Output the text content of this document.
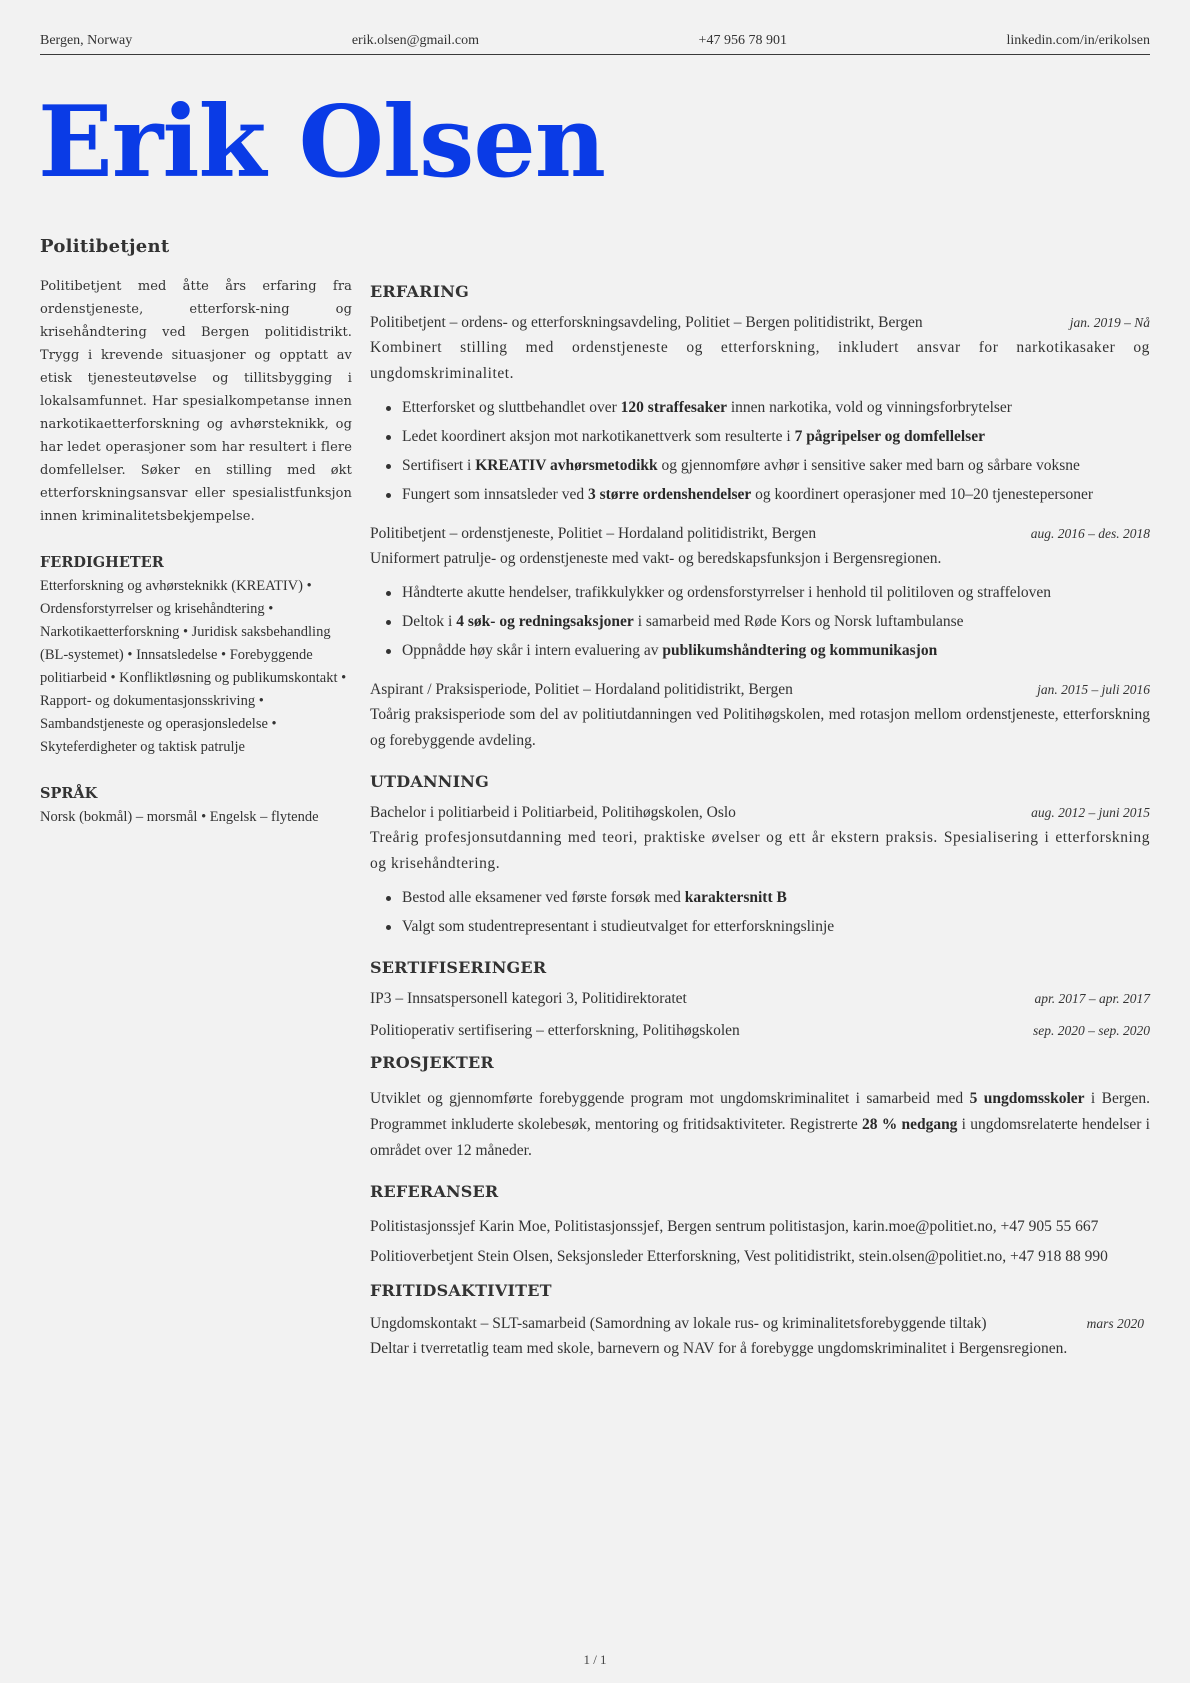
Bergen, Norway	erik.olsen@gmail.com	+47 956 78 901	linkedin.com/in/erikolsen
Erik Olsen
Politibetjent
Politibetjent med åtte års erfaring fra ordenstjeneste, etterforsk-ning og krisehåndtering ved Bergen politidistrikt. Trygg i krevende situasjoner og opptatt av etisk tjenesteutøvelse og tillitsbygging i lokalsamfunnet. Har spesialkompetanse innen narkotikaetterforskning og avhørsteknikk, og har ledet operasjoner som har resultert i flere domfellelser. Søker en stilling med økt etterforskningsansvar eller spesialistfunksjon innen kriminalitetsbekjempelse.
FERDIGHETER
Etterforskning og avhørsteknikk (KREATIV) • Ordensforstyrrelser og krisehåndtering • Narkotikaetterforskning • Juridisk saksbehandling (BL-systemet) • Innsatsledelse • Forebyggende politiarbeid • Konfliktløsning og publikumskontakt • Rapport- og dokumentasjonsskriving • Sambandstjeneste og operasjonsledelse • Skyteferdigheter og taktisk patrulje
SPRÅK
Norsk (bokmål) – morsmål • Engelsk – flytende
ERFARING
Politibetjent – ordens- og etterforskningsavdeling, Politiet – Bergen politidistrikt, Bergen	jan. 2019 – Nå
Kombinert stilling med ordenstjeneste og etterforskning, inkludert ansvar for narkotikasaker og ungdomskriminalitet.
Etterforsket og sluttbehandlet over 120 straffesaker innen narkotika, vold og vinningsforbrytelser
Ledet koordinert aksjon mot narkotikanettverk som resulterte i 7 pågripelser og domfellelser
Sertifisert i KREATIV avhørsmetodikk og gjennomføre avhør i sensitive saker med barn og sårbare voksne
Fungert som innsatsleder ved 3 større ordenshendelser og koordinert operasjoner med 10–20 tjenestepersoner
Politibetjent – ordenstjeneste, Politiet – Hordaland politidistrikt, Bergen	aug. 2016 – des. 2018
Uniformert patrulje- og ordenstjeneste med vakt- og beredskapsfunksjon i Bergensregionen.
Håndterte akutte hendelser, trafikkulykker og ordensforstyrrelser i henhold til politiloven og straffeloven
Deltok i 4 søk- og redningsaksjoner i samarbeid med Røde Kors og Norsk luftambulanse
Oppnådde høy skår i intern evaluering av publikumshåndtering og kommunikasjon
Aspirant / Praksisperiode, Politiet – Hordaland politidistrikt, Bergen	jan. 2015 – juli 2016
Toårig praksisperiode som del av politiutdanningen ved Politihøgskolen, med rotasjon mellom ordenstjeneste, etterforskning og forebyggende avdeling.
UTDANNING
Bachelor i politiarbeid i Politiarbeid, Politihøgskolen, Oslo	aug. 2012 – juni 2015
Treårig profesjonsutdanning med teori, praktiske øvelser og ett år ekstern praksis. Spesialisering i etterforskning og krisehåndtering.
Bestod alle eksamener ved første forsøk med karaktersnitt B
Valgt som studentrepresentant i studieutvalget for etterforskningslinje
SERTIFISERINGER
IP3 – Innsatspersonell kategori 3, Politidirektoratet	apr. 2017 – apr. 2017
Politioperativ sertifisering – etterforskning, Politihøgskolen	sep. 2020 – sep. 2020
PROSJEKTER
Utviklet og gjennomførte forebyggende program mot ungdomskriminalitet i samarbeid med 5 ungdomsskoler i Bergen. Programmet inkluderte skolebesøk, mentoring og fritidsaktiviteter. Registrerte 28 % nedgang i ungdomsrelaterte hendelser i området over 12 måneder.
REFERANSER
Politistasjonssjef Karin Moe, Politistasjonssjef, Bergen sentrum politistasjon, karin.moe@politiet.no, +47 905 55 667
Politioverbetjent Stein Olsen, Seksjonsleder Etterforskning, Vest politidistrikt, stein.olsen@politiet.no, +47 918 88 990
FRITIDSAKTIVITET
Ungdomskontakt – SLT-samarbeid (Samordning av lokale rus- og kriminalitetsforebyggende tiltak)	mars 2020
Deltar i tverretatlig team med skole, barnevern og NAV for å forebygge ungdomskriminalitet i Bergensregionen.
1 / 1
